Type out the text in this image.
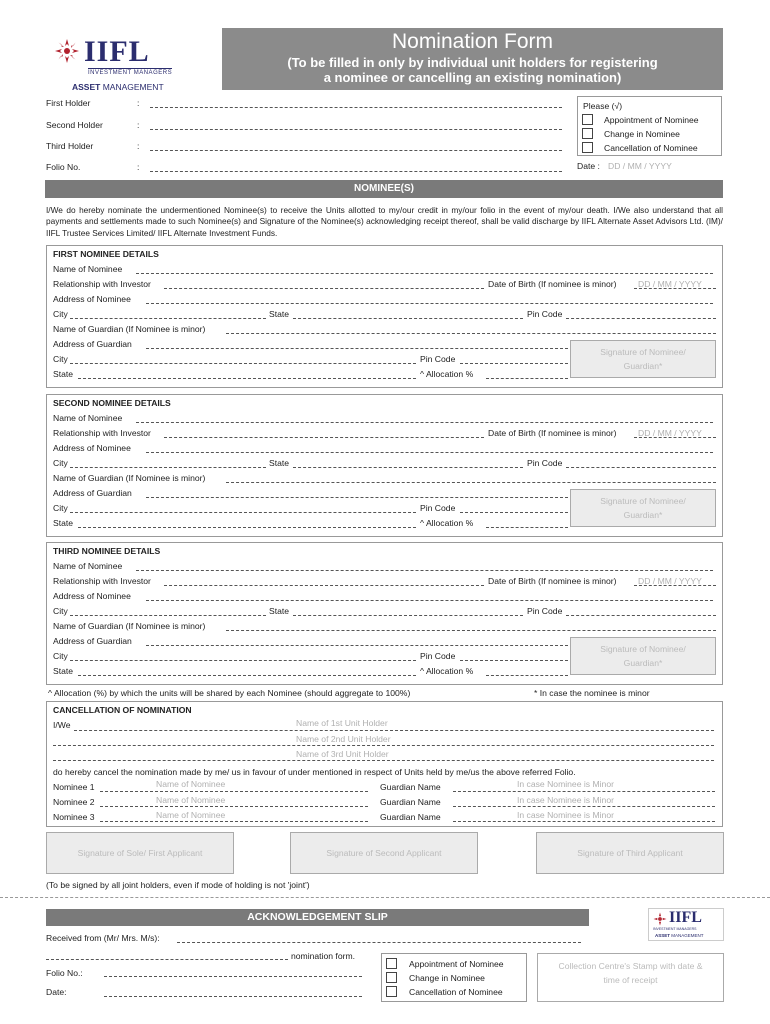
IIFL
INVESTMENT MANAGERS
ASSET MANAGEMENT
Nomination Form
(To be filled in only by individual unit holders for registering
a nominee or cancelling an existing nomination)
First Holder	:
Second Holder	:
Third Holder	:
Folio No.	:
Please (√)
Appointment of Nominee
Change in Nominee
Cancellation of Nominee
Date : DD / MM / YYYY
NOMINEE(S)
I/We do hereby nominate the undermentioned Nominee(s) to receive the Units allotted to my/our credit in my/our folio in the event of my/our death. I/We also understand that all payments and settlements made to such Nominee(s) and Signature of the Nominee(s) acknowledging receipt thereof, shall be valid discharge by IIFL Alternate Asset Advisors Ltd. (IM)/ IIFL Trustee Services Limited/ IIFL Alternate Investment Funds.
FIRST NOMINEE DETAILS
Name of Nominee
Relationship with Investor	Date of Birth (If nominee is minor)	DD / MM / YYYY
Address of Nominee
City	State	Pin Code
Name of Guardian (If Nominee is minor)
Address of Guardian
City	Pin Code
State	^ Allocation %
Signature of Nominee/ Guardian*
SECOND NOMINEE DETAILS
Name of Nominee
Relationship with Investor	Date of Birth (If nominee is minor)	DD / MM / YYYY
Address of Nominee
City	State	Pin Code
Name of Guardian (If Nominee is minor)
Address of Guardian
City	Pin Code
State	^ Allocation %
Signature of Nominee/ Guardian*
THIRD NOMINEE DETAILS
Name of Nominee
Relationship with Investor	Date of Birth (If nominee is minor)	DD / MM / YYYY
Address of Nominee
City	State	Pin Code
Name of Guardian (If Nominee is minor)
Address of Guardian
City	Pin Code
State	^ Allocation %
Signature of Nominee/ Guardian*
^ Allocation (%) by which the units will be shared by each Nominee (should aggregate to 100%)	* In case the nominee is minor
CANCELLATION OF NOMINATION
I/We	Name of 1st Unit Holder
Name of 2nd Unit Holder
Name of 3rd Unit Holder
do hereby cancel the nomination made by me/ us in favour of under mentioned in respect of Units held by me/us the above referred Folio.
Nominee 1	Name of Nominee	Guardian Name	In case Nominee is Minor
Nominee 2	Name of Nominee	Guardian Name	In case Nominee is Minor
Nominee 3	Name of Nominee	Guardian Name	In case Nominee is Minor
Signature of Sole/ First Applicant	Signature of Second Applicant	Signature of Third Applicant
(To be signed by all joint holders, even if mode of holding is not 'joint')
ACKNOWLEDGEMENT SLIP	IIFL
INVESTMENT MANAGERS
ASSET MANAGEMENT
Received from (Mr/ Mrs. M/s):
nomination form.
Folio No.:
Date:
Appointment of Nominee
Change in Nominee
Cancellation of Nominee
Collection Centre's Stamp with date & time of receipt
